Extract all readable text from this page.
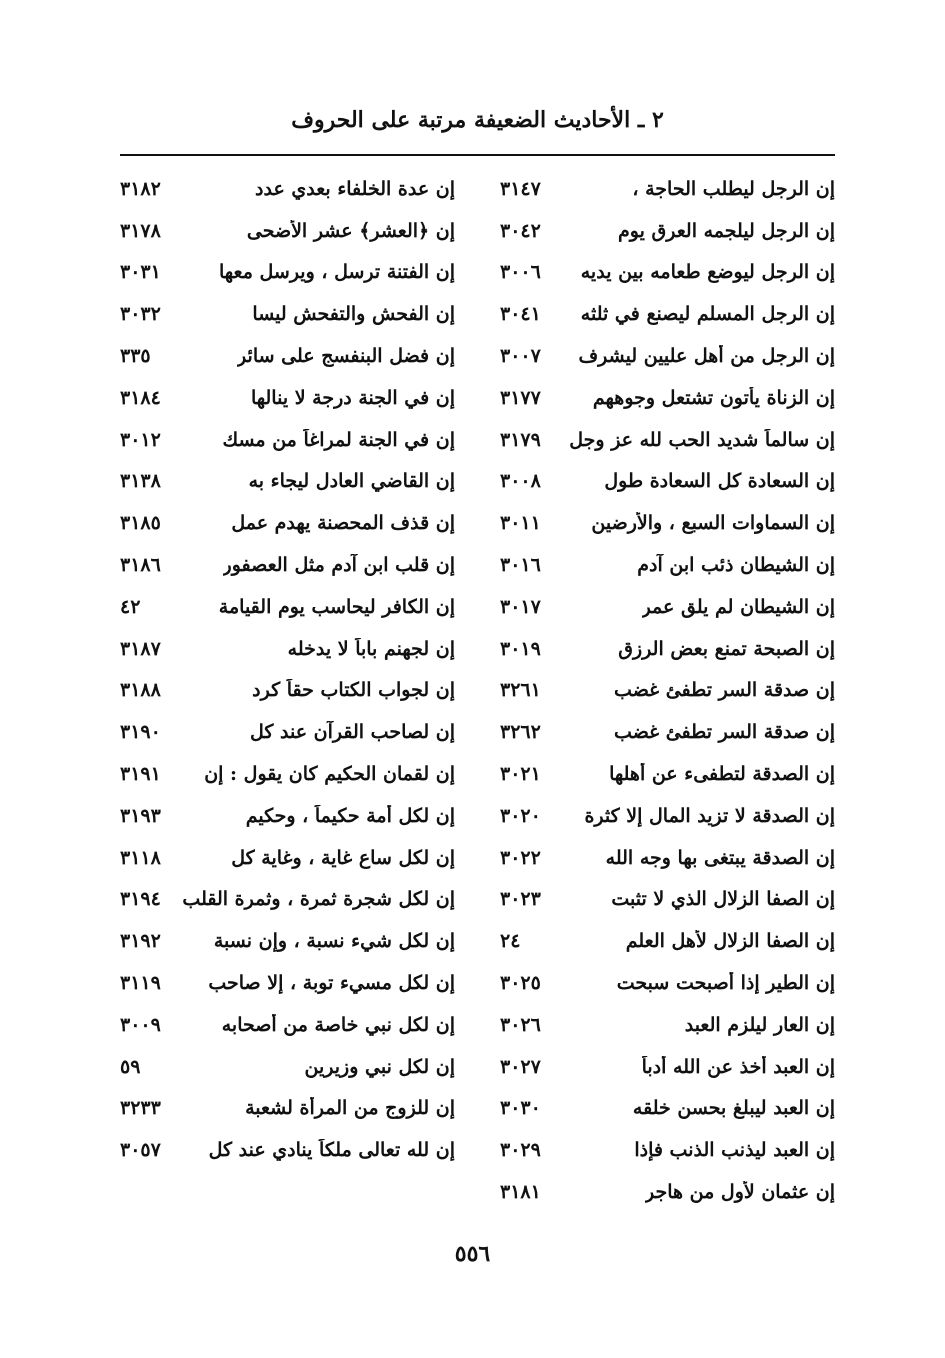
٢ ـ الأحاديث الضعيفة مرتبة على الحروف
إن الرجل ليطلب الحاجة ،
٣١٤٧
إن الرجل ليلجمه العرق يوم
٣٠٤٢
إن الرجل ليوضع طعامه بين يديه
٣٠٠٦
إن الرجل المسلم ليصنع في ثلثه
٣٠٤١
إن الرجل من أهل عليين ليشرف
٣٠٠٧
إن الزناة يأتون تشتعل وجوههم
٣١٧٧
إن سالماً شديد الحب لله عز وجل
٣١٧٩
إن السعادة كل السعادة طول
٣٠٠٨
إن السماوات السبع ، والأرضين
٣٠١١
إن الشيطان ذئب ابن آدم
٣٠١٦
إن الشيطان لم يلق عمر
٣٠١٧
إن الصبحة تمنع بعض الرزق
٣٠١٩
إن صدقة السر تطفئ غضب
٣٢٦١
إن صدقة السر تطفئ غضب
٣٢٦٢
إن الصدقة لتطفىء عن أهلها
٣٠٢١
إن الصدقة لا تزيد المال إلا كثرة
٣٠٢٠
إن الصدقة يبتغى بها وجه الله
٣٠٢٢
إن الصفا الزلال الذي لا تثبت
٣٠٢٣
إن الصفا الزلال لأهل العلم
٢٤
إن الطير إذا أصبحت سبحت
٣٠٢٥
إن العار ليلزم العبد
٣٠٢٦
إن العبد أخذ عن الله أدباً
٣٠٢٧
إن العبد ليبلغ بحسن خلقه
٣٠٣٠
إن العبد ليذنب الذنب فإذا
٣٠٢٩
إن عثمان لأول من هاجر
٣١٨١
إن عدة الخلفاء بعدي عدد
٣١٨٢
إن ﴿العشر﴾ عشر الأضحى
٣١٧٨
إن الفتنة ترسل ، ويرسل معها
٣٠٣١
إن الفحش والتفحش ليسا
٣٠٣٢
إن فضل البنفسج على سائر
٣٣٥
إن في الجنة درجة لا ينالها
٣١٨٤
إن في الجنة لمراغاً من مسك
٣٠١٢
إن القاضي العادل ليجاء به
٣١٣٨
إن قذف المحصنة يهدم عمل
٣١٨٥
إن قلب ابن آدم مثل العصفور
٣١٨٦
إن الكافر ليحاسب يوم القيامة
٤٢
إن لجهنم باباً لا يدخله
٣١٨٧
إن لجواب الكتاب حقاً كرد
٣١٨٨
إن لصاحب القرآن عند كل
٣١٩٠
إن لقمان الحكيم كان يقول : إن
٣١٩١
إن لكل أمة حكيماً ، وحكيم
٣١٩٣
إن لكل ساع غاية ، وغاية كل
٣١١٨
إن لكل شجرة ثمرة ، وثمرة القلب
٣١٩٤
إن لكل شيء نسبة ، وإن نسبة
٣١٩٢
إن لكل مسيء توبة ، إلا صاحب
٣١١٩
إن لكل نبي خاصة من أصحابه
٣٠٠٩
إن لكل نبي وزيرين
٥٩
إن للزوج من المرأة لشعبة
٣٢٣٣
إن لله تعالى ملكاً ينادي عند كل
٣٠٥٧
٥٥٦
